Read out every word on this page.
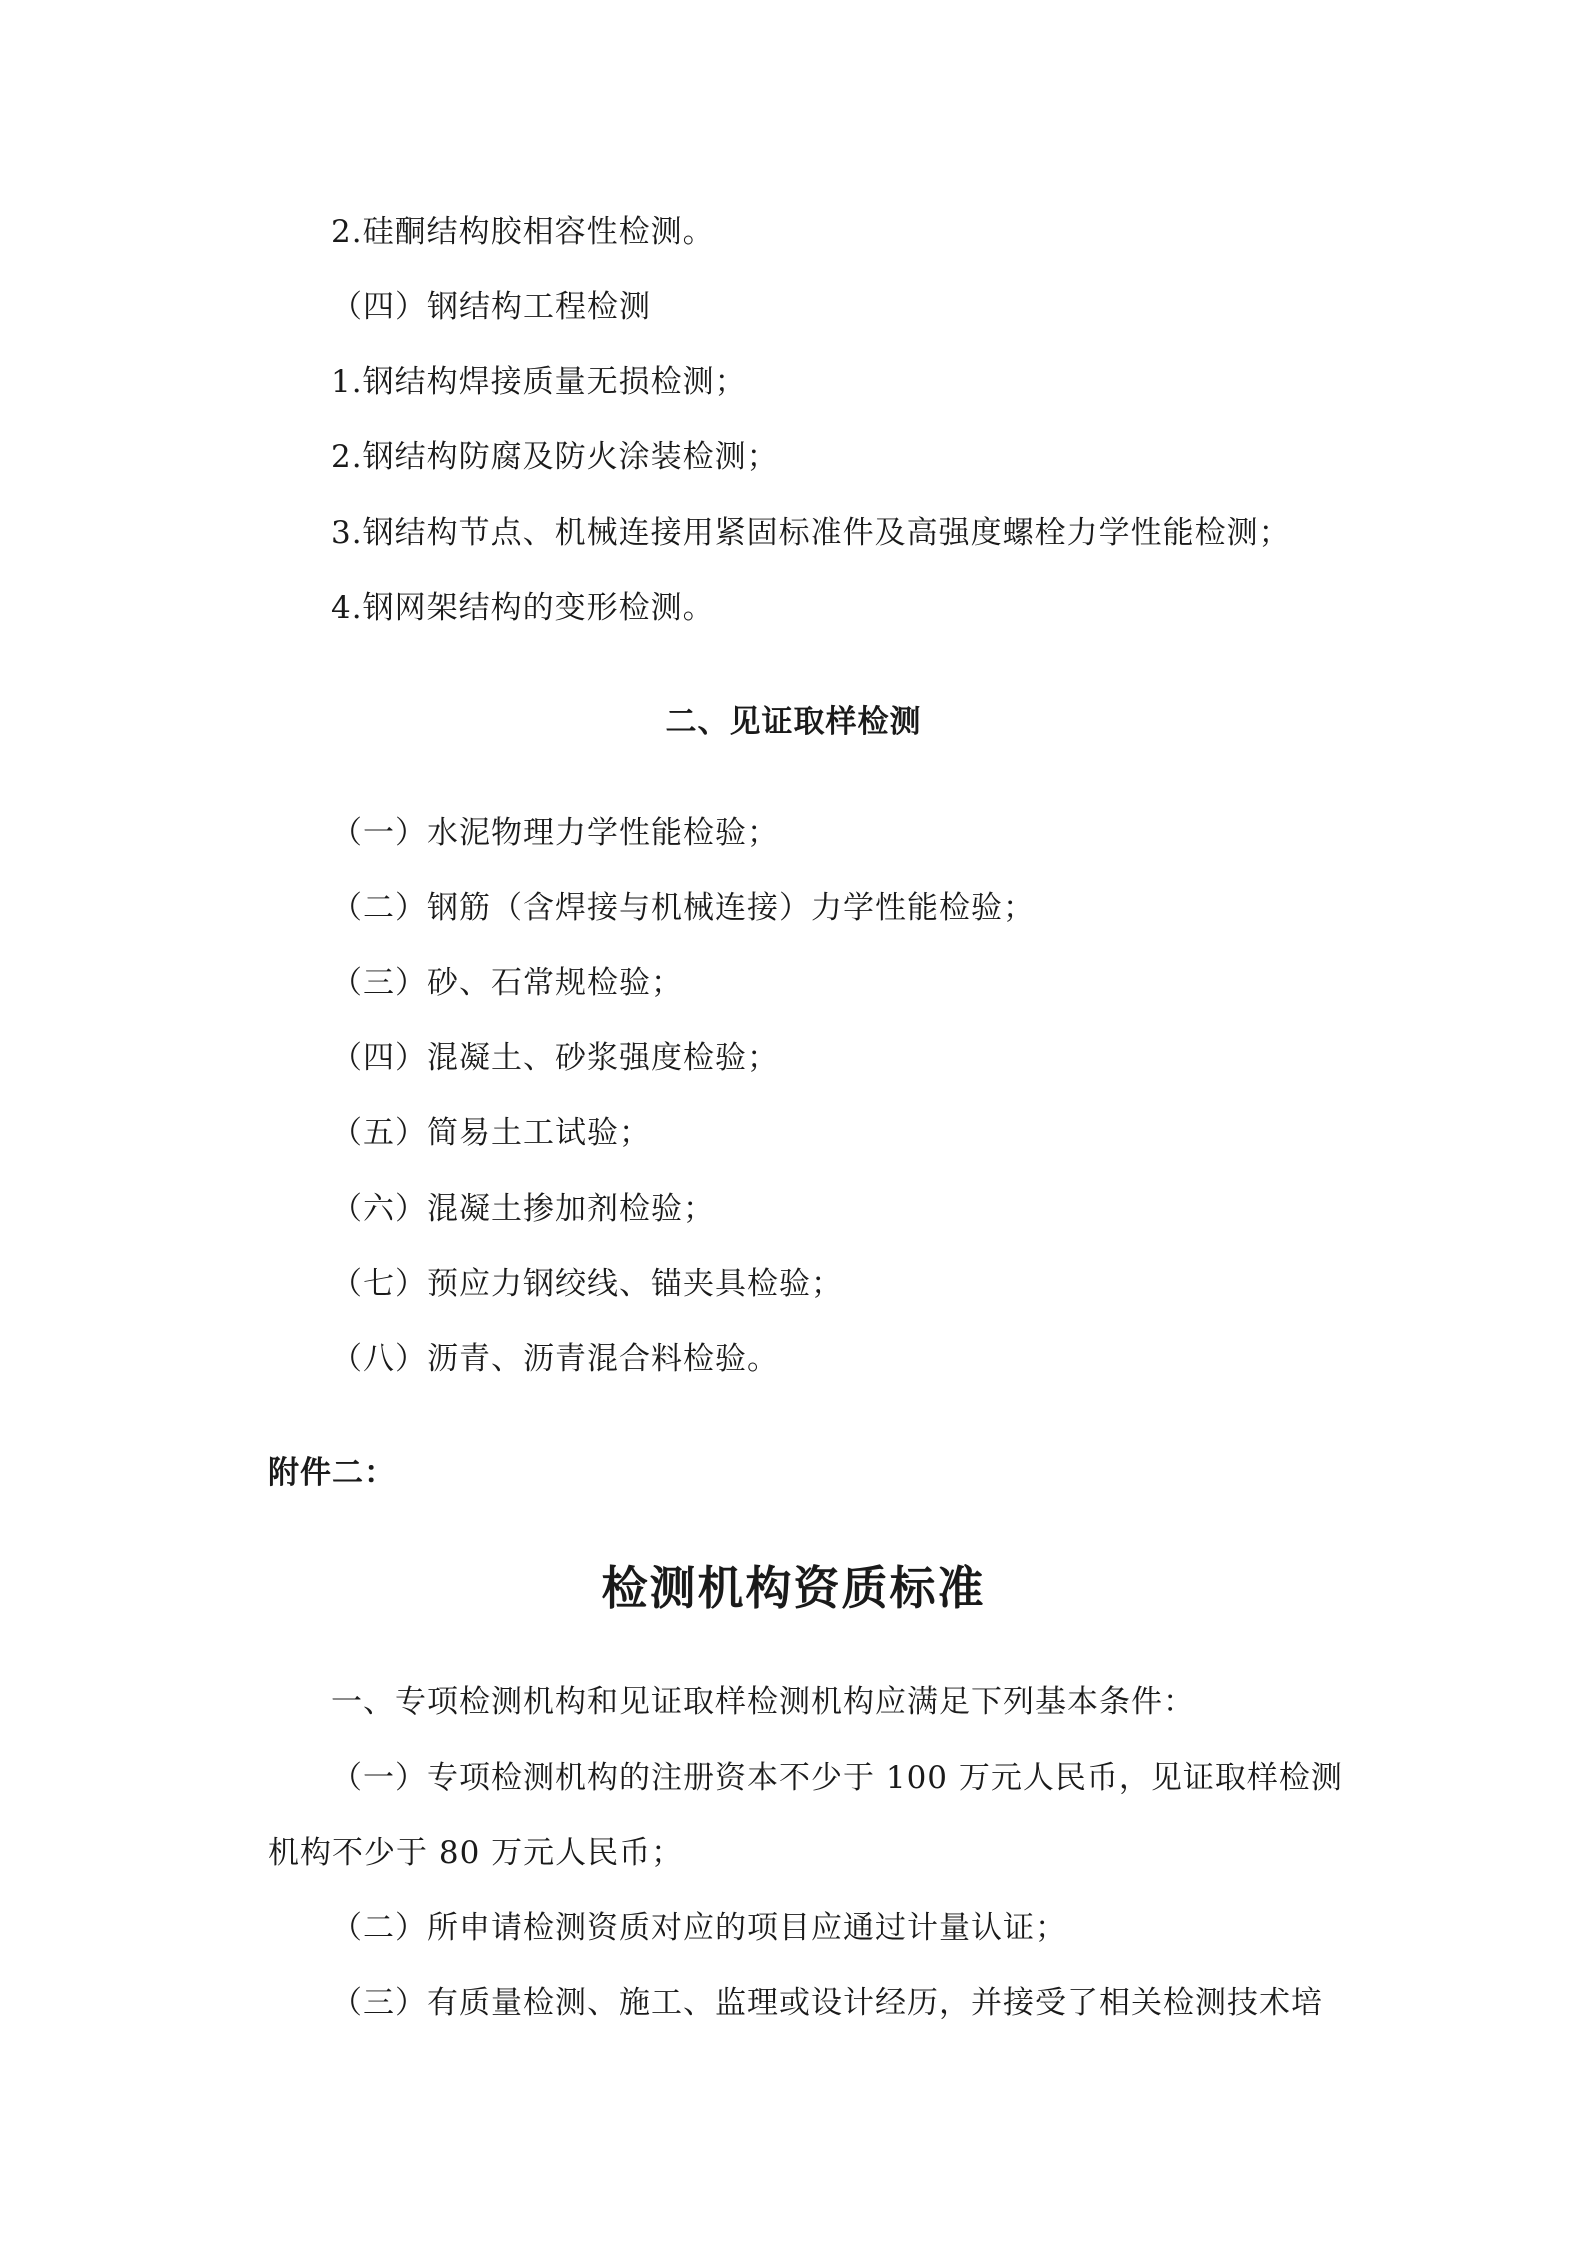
2.硅酮结构胶相容性检测。
（四）钢结构工程检测
1.钢结构焊接质量无损检测；
2.钢结构防腐及防火涂装检测；
3.钢结构节点、机械连接用紧固标准件及高强度螺栓力学性能检测；
4.钢网架结构的变形检测。
二、见证取样检测
（一）水泥物理力学性能检验；
（二）钢筋（含焊接与机械连接）力学性能检验；
（三）砂、石常规检验；
（四）混凝土、砂浆强度检验；
（五）简易土工试验；
（六）混凝土掺加剂检验；
（七）预应力钢绞线、锚夹具检验；
（八）沥青、沥青混合料检验。
附件二：
检测机构资质标准
一、专项检测机构和见证取样检测机构应满足下列基本条件：
（一）专项检测机构的注册资本不少于 100 万元人民币，见证取样检测
机构不少于 80 万元人民币；
（二）所申请检测资质对应的项目应通过计量认证；
（三）有质量检测、施工、监理或设计经历，并接受了相关检测技术培
